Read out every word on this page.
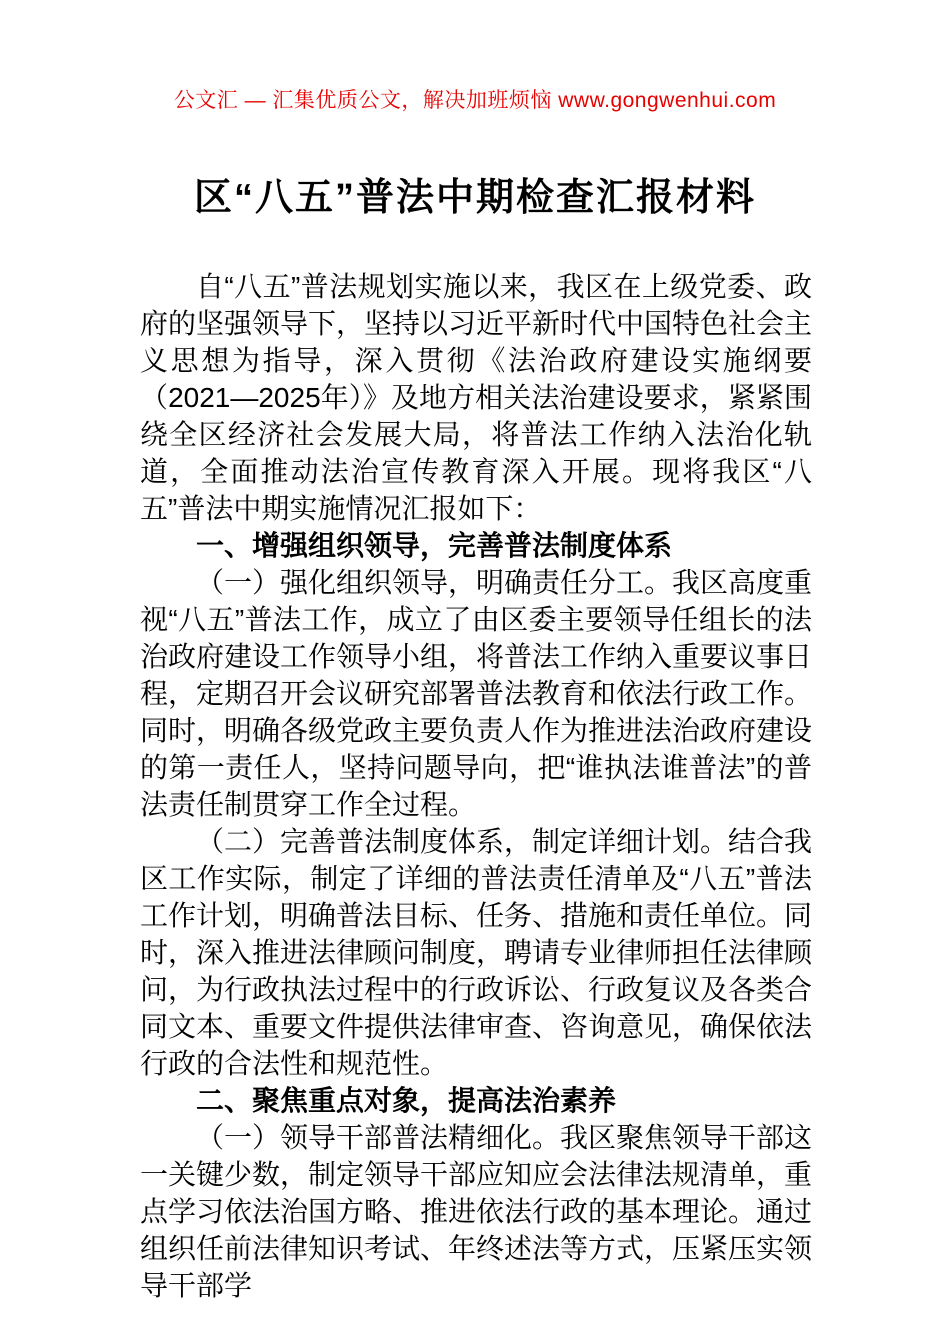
公文汇 — 汇集优质公文，解决加班烦恼 www.gongwenhui.com
区“八五”普法中期检查汇报材料

自“八五”普法规划实施以来，我区在上级党委、政府的坚强领导下，坚持以习近平新时代中国特色社会主义思想为指导，深入贯彻《法治政府建设实施纲要（2021—2025年）》及地方相关法治建设要求，紧紧围绕全区经济社会发展大局，将普法工作纳入法治化轨道，全面推动法治宣传教育深入开展。现将我区“八五”普法中期实施情况汇报如下：

一、增强组织领导，完善普法制度体系

（一）强化组织领导，明确责任分工。我区高度重视“八五”普法工作，成立了由区委主要领导任组长的法治政府建设工作领导小组，将普法工作纳入重要议事日程，定期召开会议研究部署普法教育和依法行政工作。同时，明确各级党政主要负责人作为推进法治政府建设的第一责任人，坚持问题导向，把“谁执法谁普法”的普法责任制贯穿工作全过程。

（二）完善普法制度体系，制定详细计划。结合我区工作实际，制定了详细的普法责任清单及“八五”普法工作计划，明确普法目标、任务、措施和责任单位。同时，深入推进法律顾问制度，聘请专业律师担任法律顾问，为行政执法过程中的行政诉讼、行政复议及各类合同文本、重要文件提供法律审查、咨询意见，确保依法行政的合法性和规范性。

二、聚焦重点对象，提高法治素养

（一）领导干部普法精细化。我区聚焦领导干部这一关键少数，制定领导干部应知应会法律法规清单，重点学习依法治国方略、推进依法行政的基本理论。通过组织任前法律知识考试、年终述法等方式，压紧压实领导干部学
